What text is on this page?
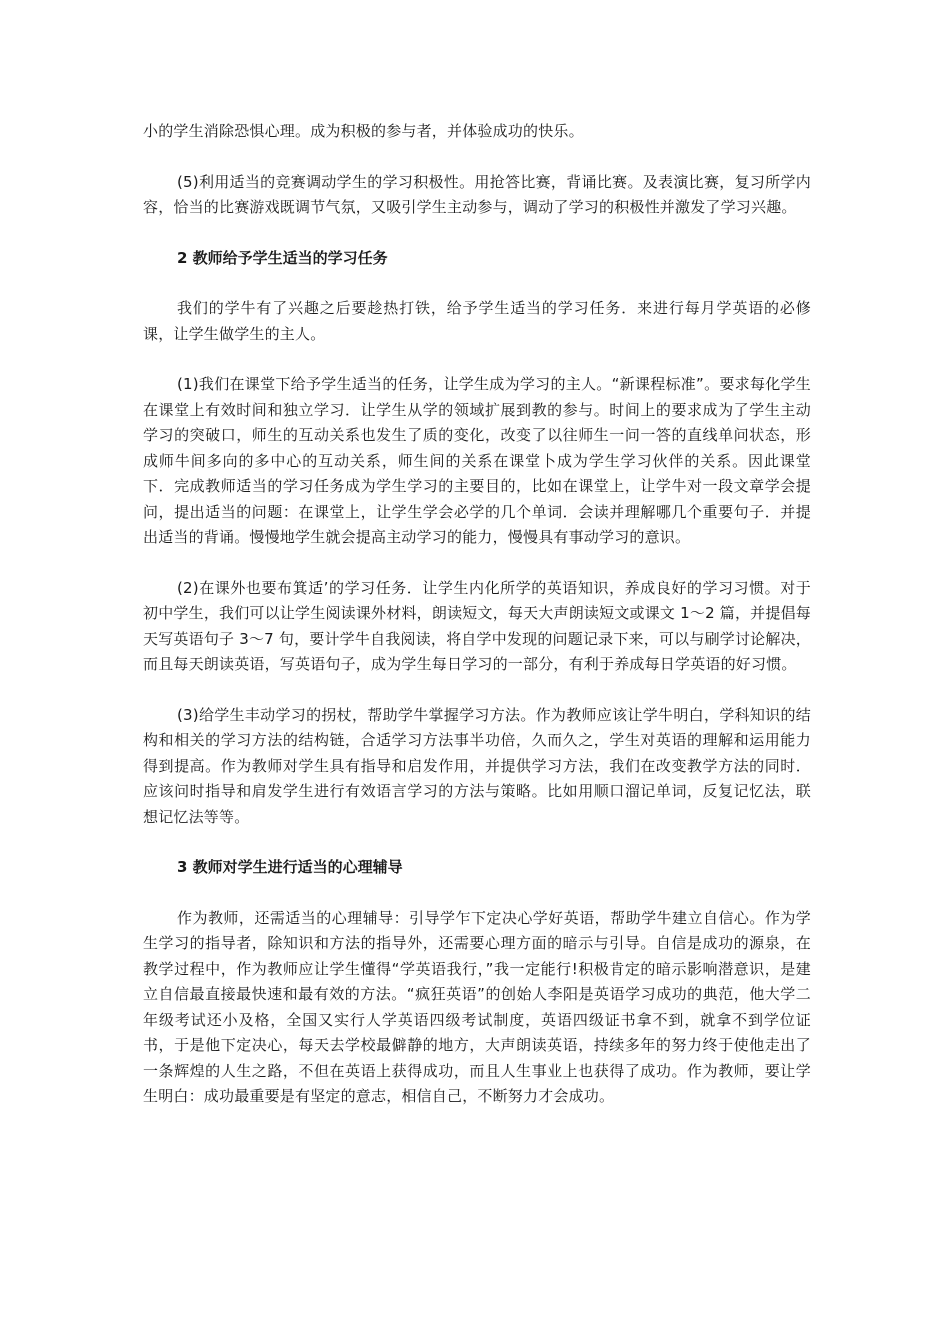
小的学生消除恐惧心理。成为积极的参与者，并体验成功的快乐。

(5)利用适当的竞赛调动学生的学习积极性。用抢答比赛，背诵比赛。及表演比赛，复习所学内容，恰当的比赛游戏既调节气氛，又吸引学生主动参与，调动了学习的积极性并激发了学习兴趣。

2 教师给予学生适当的学习任务

我们的学牛有了兴趣之后要趁热打铁，给予学生适当的学习任务．来进行每月学英语的必修课，让学生做学生的主人。

(1)我们在课堂下给予学生适当的任务，让学生成为学习的主人。“新课程标准”。要求每化学生在课堂上有效时间和独立学习．让学生从学的领域扩展到教的参与。时间上的要求成为了学生主动学习的突破口，师生的互动关系也发生了质的变化，改变了以往师生一问一答的直线单问状态，形成师牛间多向的多中心的互动关系，师生间的关系在课堂卜成为学生学习伙伴的关系。因此课堂下．完成教师适当的学习任务成为学生学习的主要目的，比如在课堂上，让学牛对一段文章学会提问，提出适当的问题：在课堂上，让学生学会必学的几个单词．会读并理解哪几个重要句子．并提出适当的背诵。慢慢地学生就会提高主动学习的能力，慢慢具有事动学习的意识。

(2)在课外也要布箕适’的学习任务．让学生内化所学的英语知识，养成良好的学习习惯。对于初中学生，我们可以让学生阅读课外材料，朗读短文，每天大声朗读短文或课文 1～2 篇，并提倡每天写英语句子 3～7 句，要计学牛自我阅读，将自学中发现的问题记录下来，可以与刷学讨论解决，而且每天朗读英语，写英语句子，成为学生每日学习的一部分，有利于养成每日学英语的好习惯。

(3)给学生丰动学习的拐杖，帮助学牛掌握学习方法。作为教师应该让学牛明白，学科知识的结构和相关的学习方法的结构链，合适学习方法事半功倍，久而久之，学生对英语的理解和运用能力得到提高。作为教师对学生具有指导和启发作用，并提供学习方法，我们在改变教学方法的同时．应该问时指导和肩发学生进行有效语言学习的方法与策略。比如用顺口溜记单词，反复记忆法，联想记忆法等等。

3 教师对学生进行适当的心理辅导

作为教师，还需适当的心理辅导：引导学乍下定决心学好英语，帮助学牛建立自信心。作为学生学习的指导者，除知识和方法的指导外，还需要心理方面的暗示与引导。自信是成功的源泉，在教学过程中，作为教师应让学生懂得“学英语我行，”我一定能行!积极肯定的暗示影响潜意识，是建立自信最直接最快速和最有效的方法。“疯狂英语”的创始人李阳是英语学习成功的典范，他大学二年级考试还小及格，全国又实行人学英语四级考试制度，英语四级证书拿不到，就拿不到学位证书，于是他下定决心，每天去学校最僻静的地方，大声朗读英语，持续多年的努力终于使他走出了一条辉煌的人生之路，不但在英语上获得成功，而且人生事业上也获得了成功。作为教师，要让学生明白：成功最重要是有坚定的意志，相信自己，不断努力才会成功。
